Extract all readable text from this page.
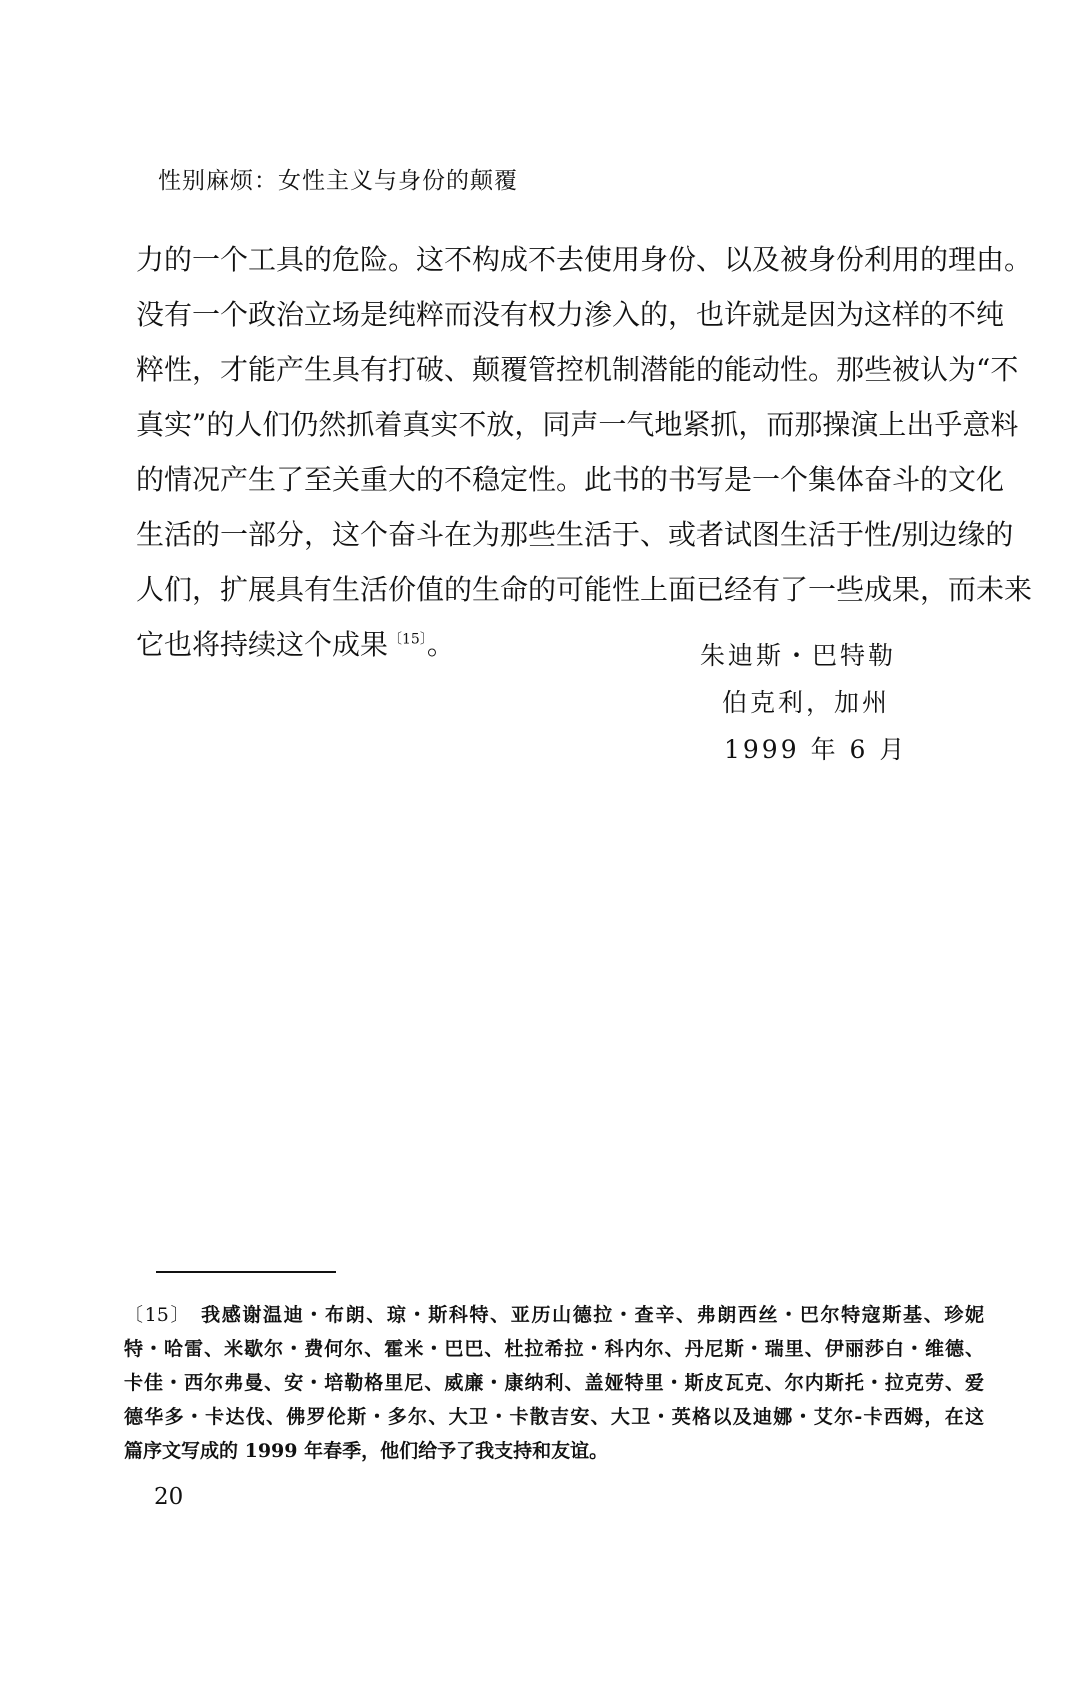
性别麻烦：女性主义与身份的颠覆
力的一个工具的危险。这不构成不去使用身份、以及被身份利用的理由。
没有一个政治立场是纯粹而没有权力渗入的，也许就是因为这样的不纯
粹性，才能产生具有打破、颠覆管控机制潜能的能动性。那些被认为“不
真实”的人们仍然抓着真实不放，同声一气地紧抓，而那操演上出乎意料
的情况产生了至关重大的不稳定性。此书的书写是一个集体奋斗的文化
生活的一部分，这个奋斗在为那些生活于、或者试图生活于性/别边缘的
人们，扩展具有生活价值的生命的可能性上面已经有了一些成果，而未来
它也将持续这个成果$^{〔15〕}$。	朱迪斯・巴特勒
伯克利，加州
1999 年 6 月
〔15〕 我感谢温迪・布朗、琼・斯科特、亚历山德拉・查辛、弗朗西丝・巴尔特寇斯基、珍妮
特・哈雷、米歇尔・费何尔、霍米・巴巴、杜拉希拉・科内尔、丹尼斯・瑞里、伊丽莎白・维德、
卡佳・西尔弗曼、安・培勒格里尼、威廉・康纳利、盖娅特里・斯皮瓦克、尔内斯托・拉克劳、爱
德华多・卡达伐、佛罗伦斯・多尔、大卫・卡散吉安、大卫・英格以及迪娜・艾尔-卡西姆，在这
篇序文写成的 1999 年春季，他们给予了我支持和友谊。
20
